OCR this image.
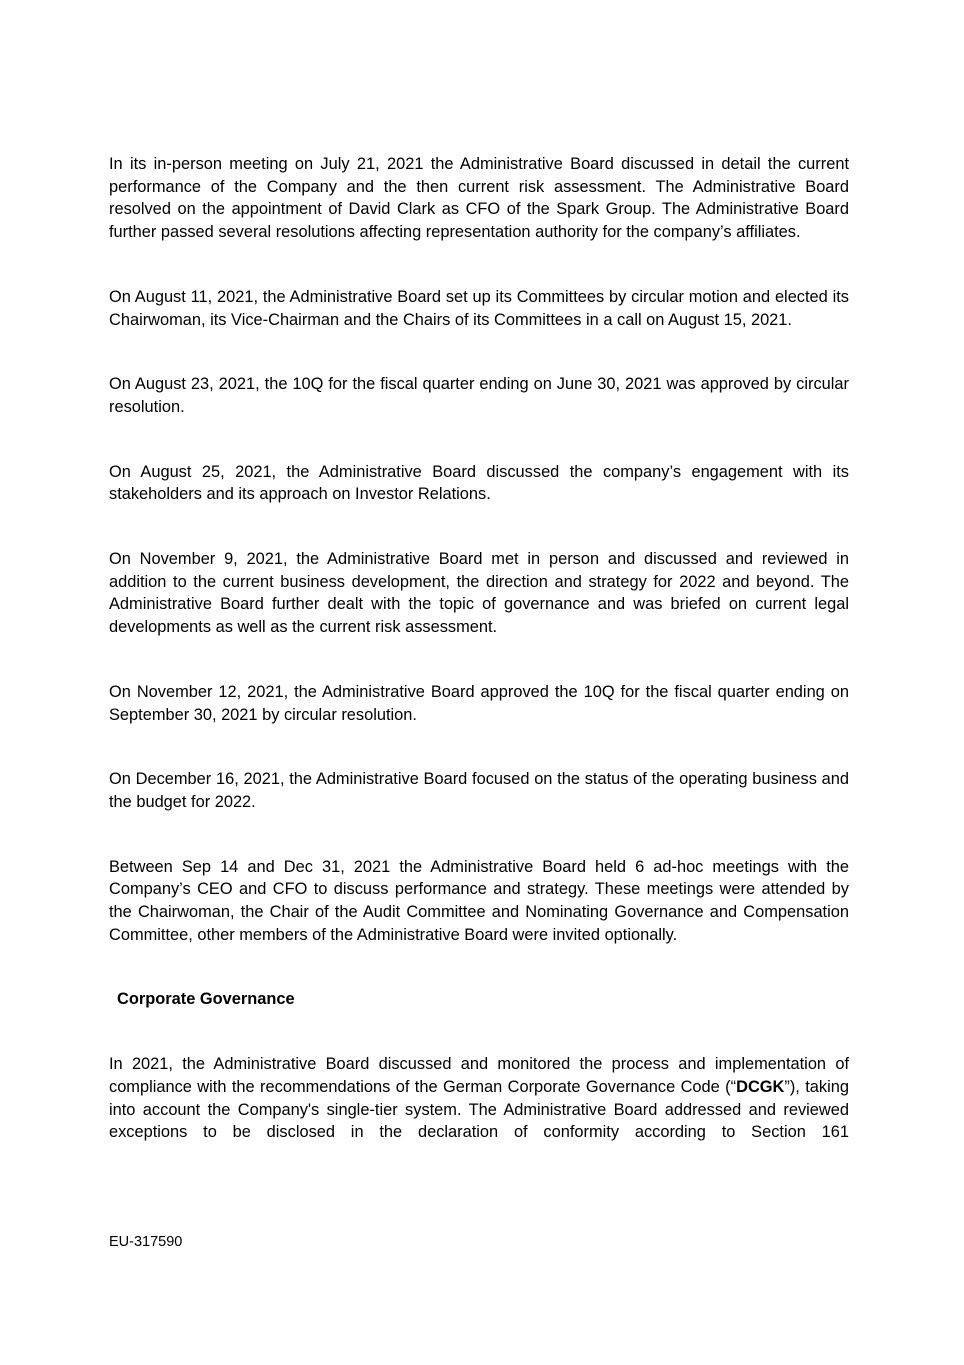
In its in-person meeting on July 21, 2021 the Administrative Board discussed in detail the current performance of the Company and the then current risk assessment. The Administrative Board resolved on the appointment of David Clark as CFO of the Spark Group. The Administrative Board further passed several resolutions affecting representation authority for the company’s affiliates.

On August 11, 2021, the Administrative Board set up its Committees by circular motion and elected its Chairwoman, its Vice-Chairman and the Chairs of its Committees in a call on August 15, 2021.

On August 23, 2021, the 10Q for the fiscal quarter ending on June 30, 2021 was approved by circular resolution.

On August 25, 2021, the Administrative Board discussed the company’s engagement with its stakeholders and its approach on Investor Relations.

On November 9, 2021, the Administrative Board met in person and discussed and reviewed in addition to the current business development, the direction and strategy for 2022 and beyond. The Administrative Board further dealt with the topic of governance and was briefed on current legal developments as well as the current risk assessment.

On November 12, 2021, the Administrative Board approved the 10Q for the fiscal quarter ending on September 30, 2021 by circular resolution.

On December 16, 2021, the Administrative Board focused on the status of the operating business and the budget for 2022.

Between Sep 14 and Dec 31, 2021 the Administrative Board held 6 ad-hoc meetings with the Company’s CEO and CFO to discuss performance and strategy. These meetings were attended by the Chairwoman, the Chair of the Audit Committee and Nominating Governance and Compensation Committee, other members of the Administrative Board were invited optionally.

Corporate Governance

In 2021, the Administrative Board discussed and monitored the process and implementation of compliance with the recommendations of the German Corporate Governance Code (“DCGK”), taking into account the Company's single-tier system. The Administrative Board addressed and reviewed exceptions to be disclosed in the declaration of conformity according to Section 161

EU-317590
